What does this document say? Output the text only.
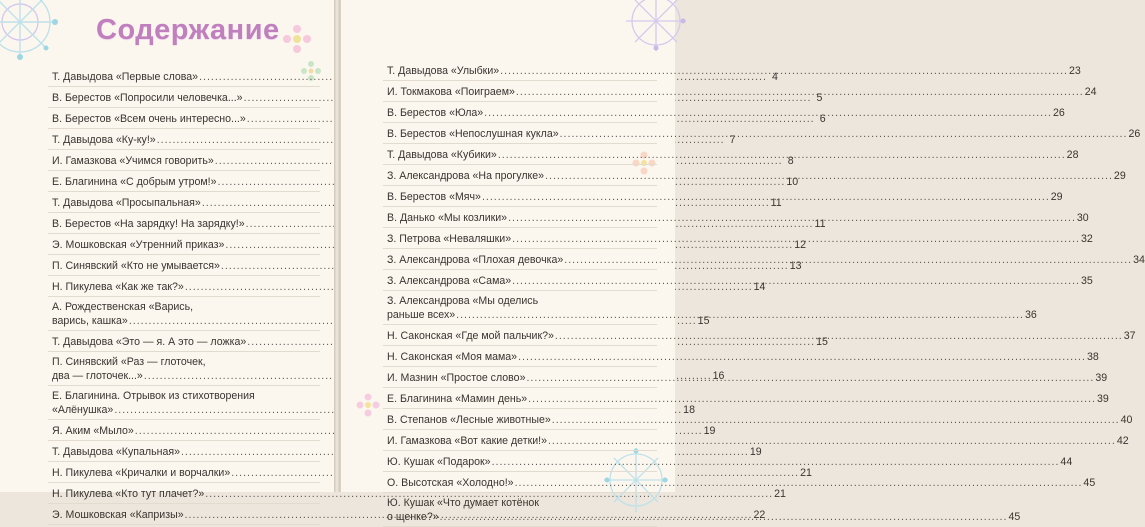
Содержание
Т. Давыдова «Первые слова» .....	4
В. Берестов «Попросили человечка...» .....	5
В. Берестов «Всем очень интересно...» .....	6
Т. Давыдова «Ку-ку!» .....	7
И. Гамазкова «Учимся говорить» .....	8
Е. Благинина «С добрым утром!» .....	10
Т. Давыдова «Просыпальная» .....	11
В. Берестов «На зарядку! На зарядку!» .....	11
Э. Мошковская «Утренний приказ» .....	12
П. Синявский «Кто не умывается» .....	13
Н. Пикулева «Как же так?» .....	14
А. Рождественская «Варись,
варись, кашка» .....	15
Т. Давыдова «Это — я. А это — ложка» .....	15
П. Синявский «Раз — глоточек,
два — глоточек...» .....	16
Е. Благинина. Отрывок из стихотворения
«Алёнушка» .....	18
Я. Аким «Мыло» .....	19
Т. Давыдова «Купальная» .....	19
Н. Пикулева «Кричалки и ворчалки» .....	21
Н. Пикулева «Кто тут плачет?» .....	21
Э. Мошковская «Капризы» .....	22
Т. Давыдова «Улыбки» .....	23
И. Токмакова «Поиграем» .....	24
В. Берестов «Юла» .....	26
В. Берестов «Непослушная кукла» .....	26
Т. Давыдова «Кубики» .....	28
З. Александрова «На прогулке» .....	29
В. Берестов «Мяч» .....	29
В. Данько «Мы козлики» .....	30
З. Петрова «Неваляшки» .....	32
З. Александрова «Плохая девочка» .....	34
З. Александрова «Сама» .....	35
З. Александрова «Мы оделись
раньше всех» .....	36
Н. Саконская «Где мой пальчик?» .....	37
Н. Саконская «Моя мама» .....	38
И. Мазнин «Простое слово» .....	39
Е. Благинина «Мамин день» .....	39
В. Степанов «Лесные животные» .....	40
И. Гамазкова «Вот какие детки!» .....	42
Ю. Кушак «Подарок» .....	44
О. Высотская «Холодно!» .....	45
Ю. Кушак «Что думает котёнок
о щенке?» .....	45
